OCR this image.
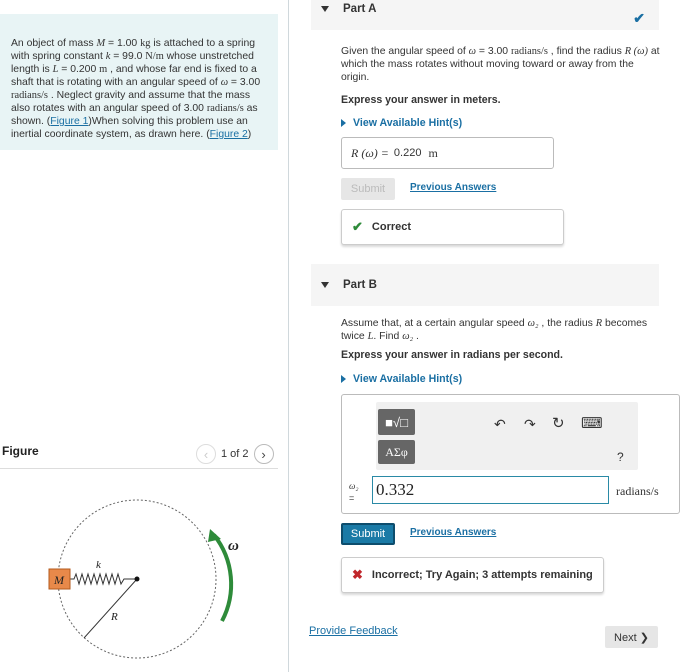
An object of mass M = 1.00 kg is attached to a spring with spring constant k = 99.0 N/m whose unstretched length is L = 0.200 m , and whose far end is fixed to a shaft that is rotating with an angular speed of ω = 3.00 radians/s . Neglect gravity and assume that the mass also rotates with an angular speed of 3.00 radians/s as shown. (Figure 1)When solving this problem use an inertial coordinate system, as drawn here. (Figure 2)
Figure	‹ 1 of 2 ›
M
k
R
ω
Part A
✔
Given the angular speed of ω = 3.00 radians/s , find the radius R (ω) at which the mass rotates without moving toward or away from the origin.
Express your answer in meters.
View Available Hint(s)
R (ω) = 0.220 m
Submit	Previous Answers
✔ Correct
Part B
Assume that, at a certain angular speed ω₂ , the radius R becomes twice L. Find ω₂ .
Express your answer in radians per second.
View Available Hint(s)
■√□
ΑΣφ
↶ ↷ ↻ ⌨
?
ω₂
= 0.332	radians/s
Submit	Previous Answers
✖ Incorrect; Try Again; 3 attempts remaining
Provide Feedback
Next ❯
